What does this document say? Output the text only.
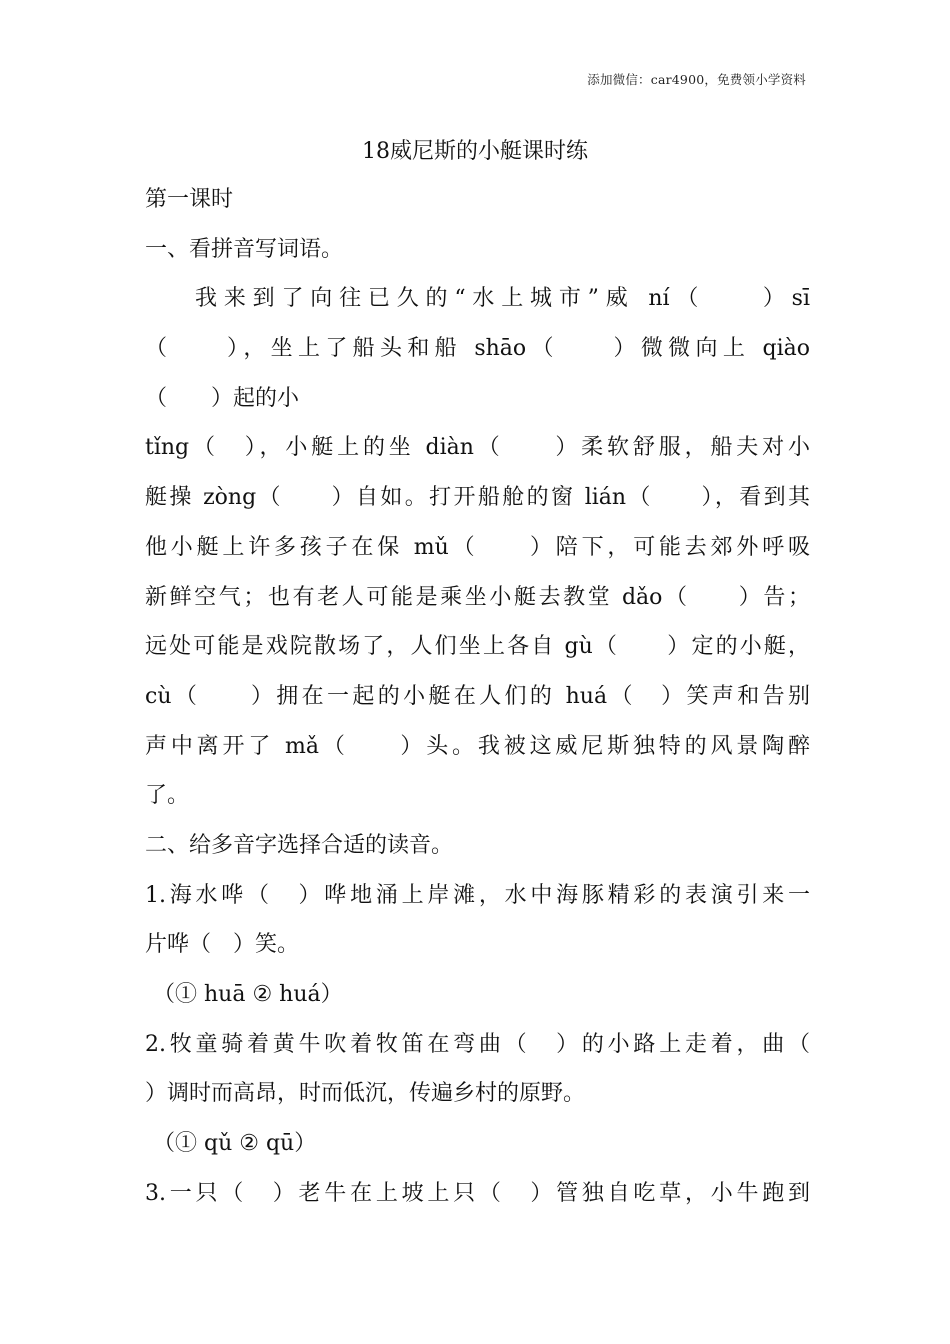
添加微信：car4900，免费领小学资料
18威尼斯的小艇课时练
第一课时
一、看拼音写词语。
我来到了向往已久的“水上城市”威 ní（　　）sī
（　　），坐上了船头和船 shāo（　　）微微向上 qiào
（　　）起的小
tǐng（　），小艇上的坐 diàn（　　）柔软舒服，船夫对小
艇操 zòng（　　）自如。打开船舱的窗 lián（　　），看到其
他小艇上许多孩子在保 mǔ（　　）陪下，可能去郊外呼吸
新鲜空气；也有老人可能是乘坐小艇去教堂 dǎo（　　）告；
远处可能是戏院散场了，人们坐上各自 gù（　　）定的小艇，
cù（　　）拥在一起的小艇在人们的 huá（　）笑声和告别
声中离开了 mǎ（　　）头。我被这威尼斯独特的风景陶醉
了。
二、给多音字选择合适的读音。
1.海水哗（　）哗地涌上岸滩，水中海豚精彩的表演引来一
片哗（　）笑。
（① huā ② huá）
2.牧童骑着黄牛吹着牧笛在弯曲（　）的小路上走着，曲（
）调时而高昂，时而低沉，传遍乡村的原野。
（① qǔ ② qū）
3.一只（　）老牛在上坡上只（　）管独自吃草，小牛跑到
